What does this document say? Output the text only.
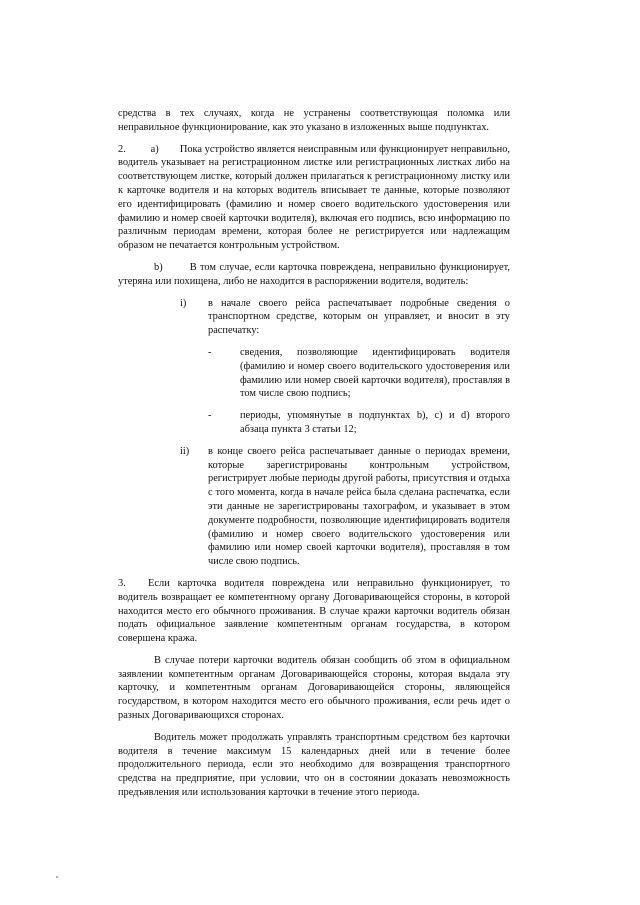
средства в тех случаях, когда не устранены соответствующая поломка или неправильное функционирование, как это указано в изложенных выше подпунктах.

2. a) Пока устройство является неисправным или функционирует неправильно, водитель указывает на регистрационном листке или регистрационных листках либо на соответствующем листке, который должен прилагаться к регистрационному листку или к карточке водителя и на которых водитель вписывает те данные, которые позволяют его идентифицировать (фамилию и номер своего водительского удостоверения или фамилию и номер своей карточки водителя), включая его подпись, всю информацию по различным периодам времени, которая более не регистрируется или надлежащим образом не печатается контрольным устройством.

b)	В том случае, если карточка повреждена, неправильно функционирует, утеряна или похищена, либо не находится в распоряжении водителя, водитель:

i) в начале своего рейса распечатывает подробные сведения о транспортном средстве, которым он управляет, и вносит в эту распечатку:
-	сведения, позволяющие идентифицировать водителя (фамилию и номер своего водительского удостоверения или фамилию или номер своей карточки водителя), проставляя в том числе свою подпись;
-	периоды, упомянутые в подпунктах b), c) и d) второго абзаца пункта 3 статьи 12;
ii) в конце своего рейса распечатывает данные о периодах времени, которые зарегистрированы контрольным устройством, регистрирует любые периоды другой работы, присутствия и отдыха с того момента, когда в начале рейса была сделана распечатка, если эти данные не зарегистрированы тахографом, и указывает в этом документе подробности, позволяющие идентифицировать водителя (фамилию и номер своего водительского удостоверения или фамилию или номер своей карточки водителя), проставляя в том числе свою подпись.

3. Если карточка водителя повреждена или неправильно функционирует, то водитель возвращает ее компетентному органу Договаривающейся стороны, в которой находится место его обычного проживания. В случае кражи карточки водитель обязан подать официальное заявление компетентным органам государства, в котором совершена кража.

В случае потери карточки водитель обязан сообщить об этом в официальном заявлении компетентным органам Договаривающейся стороны, которая выдала эту карточку, и компетентным органам Договаривающейся стороны, являющейся государством, в котором находится место его обычного проживания, если речь идет о разных Договаривающихся сторонах.

Водитель может продолжать управлять транспортным средством без карточки водителя в течение максимум 15 календарных дней или в течение более продолжительного периода, если это необходимо для возвращения транспортного средства на предприятие, при условии, что он в состоянии доказать невозможность предъявления или использования карточки в течение этого периода.
